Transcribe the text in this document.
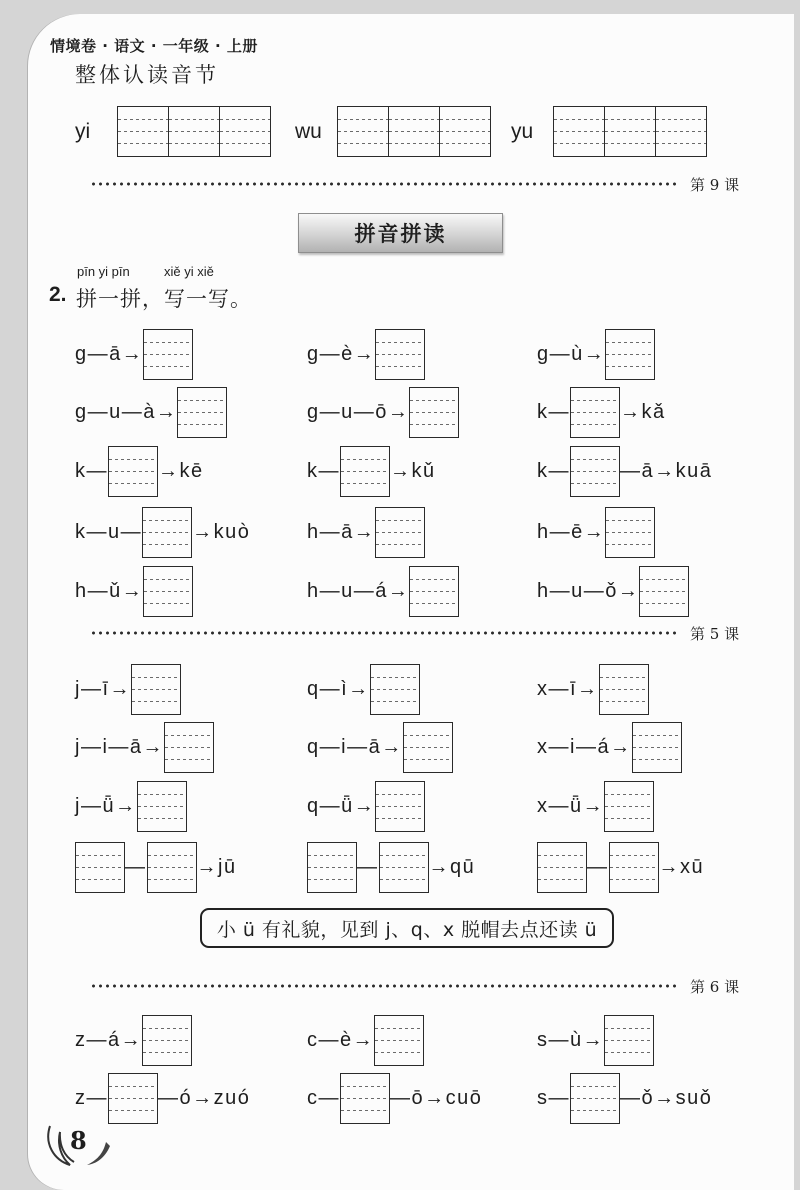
情境卷 · 语文 · 一年级 · 上册
整体认读音节
yi	wu	yu
第 9 课
拼音拼读
pīn yi pīn	xiě yi xiě
2. 拼一拼，写一写。
g—ā→	g—è→	g—ù→
g—u—à→	g—u—ō→	k—	→kǎ
k—	→kē	k—	→kǔ	k—	—ā→kuā
k—u—	→kuò	h—ā→	h—ē→
h—ǔ→	h—u—á→	h—u—ǒ→
第 5 课
j—ī→	q—ì→	x—ī→
j—i—ā→	q—i—ā→	x—i—á→
j—ǖ→	q—ǖ→	x—ǖ→
—	→jū	—	→qū	—	→xū
小 ü 有礼貌，见到 j、q、x 脱帽去点还读 ü
第 6 课
z—á→	c—è→	s—ù→
z—	—ó→zuó	c—	—ō→cuō	s—	—ǒ→suǒ
8
